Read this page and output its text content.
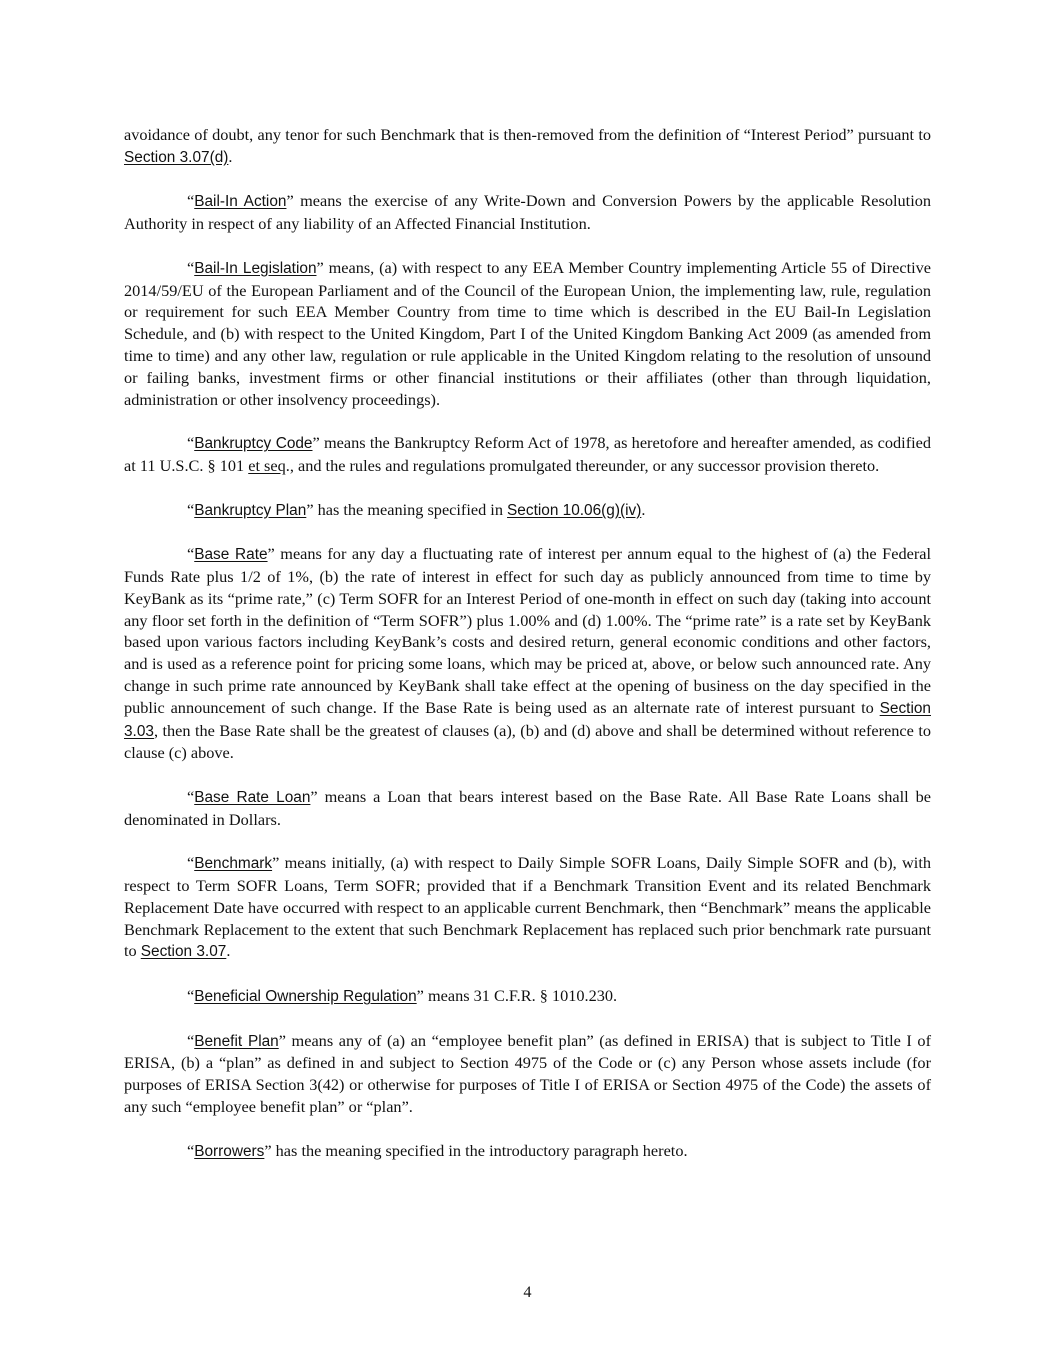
avoidance of doubt, any tenor for such Benchmark that is then-removed from the definition of “Interest Period” pursuant to Section 3.07(d).

“Bail-In Action” means the exercise of any Write-Down and Conversion Powers by the applicable Resolution Authority in respect of any liability of an Affected Financial Institution.

“Bail-In Legislation” means, (a) with respect to any EEA Member Country implementing Article 55 of Directive 2014/59/EU of the European Parliament and of the Council of the European Union, the implementing law, rule, regulation or requirement for such EEA Member Country from time to time which is described in the EU Bail-In Legislation Schedule, and (b) with respect to the United Kingdom, Part I of the United Kingdom Banking Act 2009 (as amended from time to time) and any other law, regulation or rule applicable in the United Kingdom relating to the resolution of unsound or failing banks, investment firms or other financial institutions or their affiliates (other than through liquidation, administration or other insolvency proceedings).

“Bankruptcy Code” means the Bankruptcy Reform Act of 1978, as heretofore and hereafter amended, as codified at 11 U.S.C. § 101 et seq., and the rules and regulations promulgated thereunder, or any successor provision thereto.

“Bankruptcy Plan” has the meaning specified in Section 10.06(g)(iv).

“Base Rate” means for any day a fluctuating rate of interest per annum equal to the highest of (a) the Federal Funds Rate plus 1/2 of 1%, (b) the rate of interest in effect for such day as publicly announced from time to time by KeyBank as its “prime rate,” (c) Term SOFR for an Interest Period of one-month in effect on such day (taking into account any floor set forth in the definition of “Term SOFR”) plus 1.00% and (d) 1.00%. The “prime rate” is a rate set by KeyBank based upon various factors including KeyBank’s costs and desired return, general economic conditions and other factors, and is used as a reference point for pricing some loans, which may be priced at, above, or below such announced rate. Any change in such prime rate announced by KeyBank shall take effect at the opening of business on the day specified in the public announcement of such change. If the Base Rate is being used as an alternate rate of interest pursuant to Section 3.03, then the Base Rate shall be the greatest of clauses (a), (b) and (d) above and shall be determined without reference to clause (c) above.

“Base Rate Loan” means a Loan that bears interest based on the Base Rate. All Base Rate Loans shall be denominated in Dollars.

“Benchmark” means initially, (a) with respect to Daily Simple SOFR Loans, Daily Simple SOFR and (b), with respect to Term SOFR Loans, Term SOFR; provided that if a Benchmark Transition Event and its related Benchmark Replacement Date have occurred with respect to an applicable current Benchmark, then “Benchmark” means the applicable Benchmark Replacement to the extent that such Benchmark Replacement has replaced such prior benchmark rate pursuant to Section 3.07.

“Beneficial Ownership Regulation” means 31 C.F.R. § 1010.230.

“Benefit Plan” means any of (a) an “employee benefit plan” (as defined in ERISA) that is subject to Title I of ERISA, (b) a “plan” as defined in and subject to Section 4975 of the Code or (c) any Person whose assets include (for purposes of ERISA Section 3(42) or otherwise for purposes of Title I of ERISA or Section 4975 of the Code) the assets of any such “employee benefit plan” or “plan”.

“Borrowers” has the meaning specified in the introductory paragraph hereto.

4
